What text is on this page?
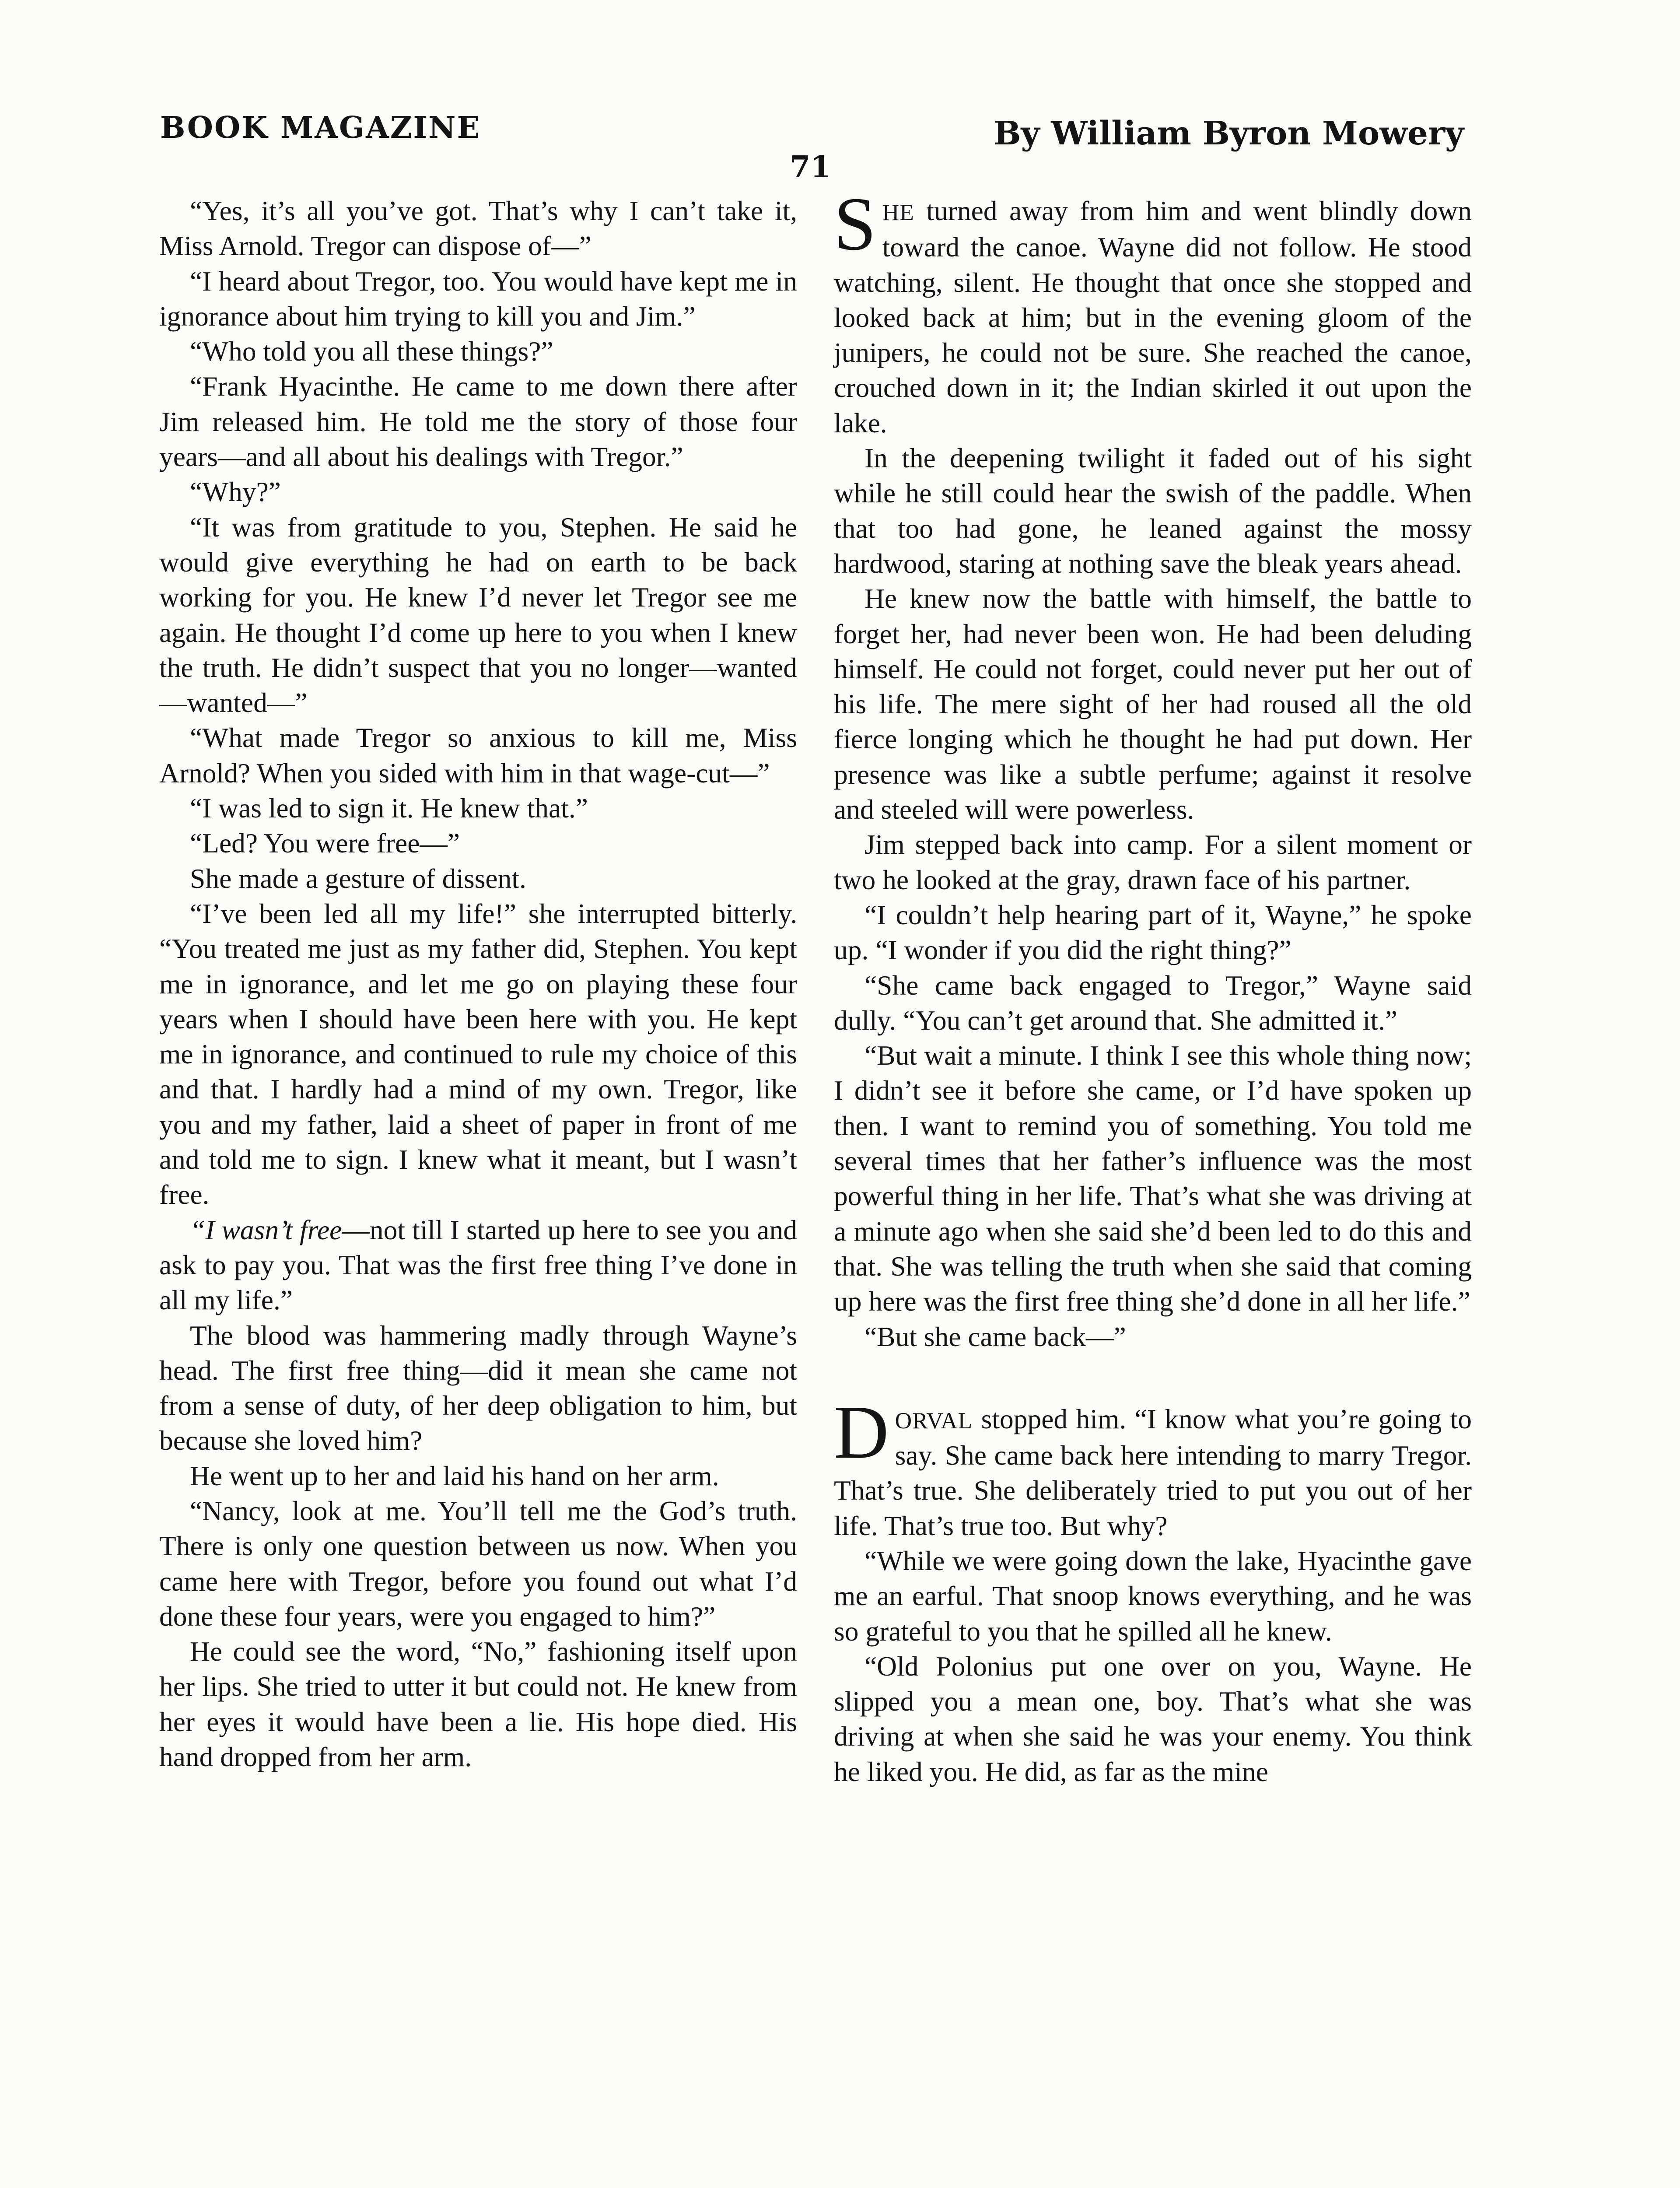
BOOK MAGAZINE	By William Byron Mowery
71

“Yes, it’s all you’ve got. That’s why I can’t take it, Miss Arnold. Tregor can dispose of—”

“I heard about Tregor, too. You would have kept me in ignorance about him trying to kill you and Jim.”

“Who told you all these things?”

“Frank Hyacinthe. He came to me down there after Jim released him. He told me the story of those four years—and all about his dealings with Tregor.”

“Why?”

“It was from gratitude to you, Stephen. He said he would give everything he had on earth to be back working for you. He knew I’d never let Tregor see me again. He thought I’d come up here to you when I knew the truth. He didn’t suspect that you no longer—wanted—wanted—”

“What made Tregor so anxious to kill me, Miss Arnold? When you sided with him in that wage-cut—”

“I was led to sign it. He knew that.”

“Led? You were free—”

She made a gesture of dissent.

“I’ve been led all my life!” she interrupted bitterly. “You treated me just as my father did, Stephen. You kept me in ignorance, and let me go on playing these four years when I should have been here with you. He kept me in ignorance, and continued to rule my choice of this and that. I hardly had a mind of my own. Tregor, like you and my father, laid a sheet of paper in front of me and told me to sign. I knew what it meant, but I wasn’t free.

“I wasn’t free—not till I started up here to see you and ask to pay you. That was the first free thing I’ve done in all my life.”

The blood was hammering madly through Wayne’s head. The first free thing—did it mean she came not from a sense of duty, of her deep obligation to him, but because she loved him?

He went up to her and laid his hand on her arm.

“Nancy, look at me. You’ll tell me the God’s truth. There is only one question between us now. When you came here with Tregor, before you found out what I’d done these four years, were you engaged to him?”

He could see the word, “No,” fashioning itself upon her lips. She tried to utter it but could not. He knew from her eyes it would have been a lie. His hope died. His hand dropped from her arm.

SHE turned away from him and went blindly down toward the canoe. Wayne did not follow. He stood watching, silent. He thought that once she stopped and looked back at him; but in the evening gloom of the junipers, he could not be sure. She reached the canoe, crouched down in it; the Indian skirled it out upon the lake.

In the deepening twilight it faded out of his sight while he still could hear the swish of the paddle. When that too had gone, he leaned against the mossy hardwood, staring at nothing save the bleak years ahead.

He knew now the battle with himself, the battle to forget her, had never been won. He had been deluding himself. He could not forget, could never put her out of his life. The mere sight of her had roused all the old fierce longing which he thought he had put down. Her presence was like a subtle perfume; against it resolve and steeled will were powerless.

Jim stepped back into camp. For a silent moment or two he looked at the gray, drawn face of his partner.

“I couldn’t help hearing part of it, Wayne,” he spoke up. “I wonder if you did the right thing?”

“She came back engaged to Tregor,” Wayne said dully. “You can’t get around that. She admitted it.”

“But wait a minute. I think I see this whole thing now; I didn’t see it before she came, or I’d have spoken up then. I want to remind you of something. You told me several times that her father’s influence was the most powerful thing in her life. That’s what she was driving at a minute ago when she said she’d been led to do this and that. She was telling the truth when she said that coming up here was the first free thing she’d done in all her life.”

“But she came back—”

DORVAL stopped him. “I know what you’re going to say. She came back here intending to marry Tregor. That’s true. She deliberately tried to put you out of her life. That’s true too. But why?

“While we were going down the lake, Hyacinthe gave me an earful. That snoop knows everything, and he was so grateful to you that he spilled all he knew.

“Old Polonius put one over on you, Wayne. He slipped you a mean one, boy. That’s what she was driving at when she said he was your enemy. You think he liked you. He did, as far as the mine
